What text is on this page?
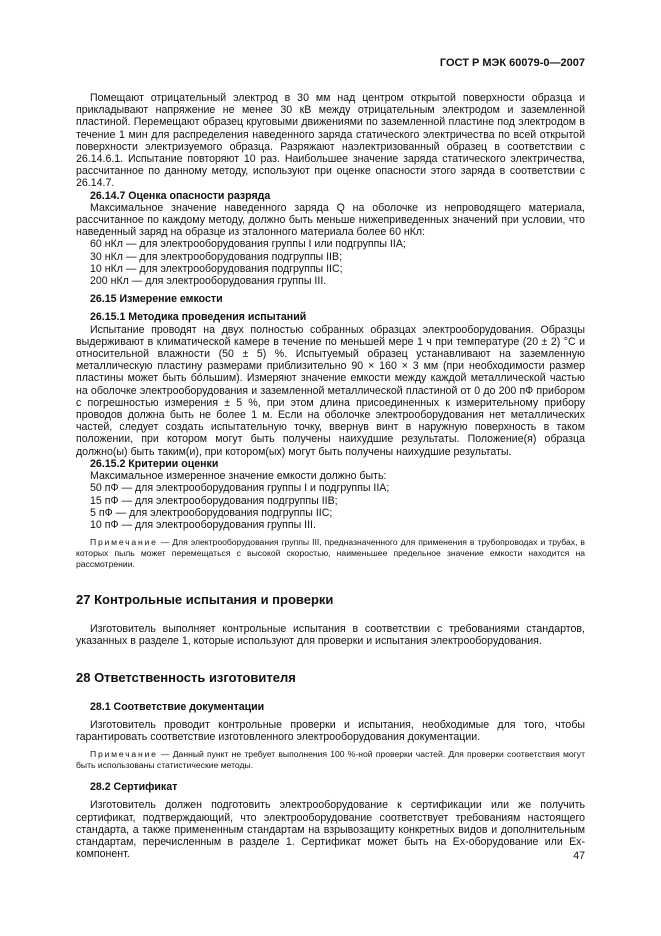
ГОСТ Р МЭК 60079-0—2007

Помещают отрицательный электрод в 30 мм над центром открытой поверхности образца и прикладывают напряжение не менее 30 кВ между отрицательным электродом и заземленной пластиной. Перемещают образец круговыми движениями по заземленной пластине под электродом в течение 1 мин для распределения наведенного заряда статического электричества по всей открытой поверхности электризуемого образца. Разряжают наэлектризованный образец в соответствии с 26.14.6.1. Испытание повторяют 10 раз. Наибольшее значение заряда статического электричества, рассчитанное по данному методу, используют при оценке опасности этого заряда в соответствии с 26.14.7.

26.14.7 Оценка опасности разряда

Максимальное значение наведенного заряда Q на оболочке из непроводящего материала, рассчитанное по каждому методу, должно быть меньше нижеприведенных значений при условии, что наведенный заряд на образце из эталонного материала более 60 нКл:

60 нКл — для электрооборудования группы I или подгруппы IIA;

30 нКл — для электрооборудования подгруппы IIB;

10 нКл — для электрооборудования подгруппы IIC;

200 нКл — для электрооборудования группы III.

26.15 Измерение емкости

26.15.1 Методика проведения испытаний

Испытание проводят на двух полностью собранных образцах электрооборудования. Образцы выдерживают в климатической камере в течение по меньшей мере 1 ч при температуре (20 ± 2) °С и относительной влажности (50 ± 5) %. Испытуемый образец устанавливают на заземленную металлическую пластину размерами приблизительно 90 × 160 × 3 мм (при необходимости размер пластины может быть бо́льшим). Измеряют значение емкости между каждой металлической частью на оболочке электрооборудования и заземленной металлической пластиной от 0 до 200 пФ прибором с погрешностью измерения ± 5 %, при этом длина присоединенных к измерительному прибору проводов должна быть не более 1 м. Если на оболочке электрооборудования нет металлических частей, следует создать испытательную точку, ввернув винт в наружную поверхность в таком положении, при котором могут быть получены наихудшие результаты. Положение(я) образца должно(ы) быть таким(и), при котором(ых) могут быть получены наихудшие результаты.

26.15.2 Критерии оценки

Максимальное измеренное значение емкости должно быть:

50 пФ — для электрооборудования группы I и подгруппы IIA;

15 пФ — для электрооборудования подгруппы IIB;

5 пФ — для электрооборудования подгруппы IIC;

10 пФ — для электрооборудования группы III.

Примечание — Для электрооборудования группы III, предназначенного для применения в трубопроводах и трубах, в которых пыль может перемещаться с высокой скоростью, наименьшее предельное значение емкости находится на рассмотрении.

27 Контрольные испытания и проверки

Изготовитель выполняет контрольные испытания в соответствии с требованиями стандартов, указанных в разделе 1, которые используют для проверки и испытания электрооборудования.

28 Ответственность изготовителя

28.1 Соответствие документации

Изготовитель проводит контрольные проверки и испытания, необходимые для того, чтобы гарантировать соответствие изготовленного электрооборудования документации.

Примечание — Данный пункт не требует выполнения 100 %-ной проверки частей. Для проверки соответствия могут быть использованы статистические методы.

28.2 Сертификат

Изготовитель должен подготовить электрооборудование к сертификации или же получить сертификат, подтверждающий, что электрооборудование соответствует требованиям настоящего стандарта, а также примененным стандартам на взрывозащиту конкретных видов и дополнительным стандартам, перечисленным в разделе 1. Сертификат может быть на Ex-оборудование или Ex-компонент.	47
